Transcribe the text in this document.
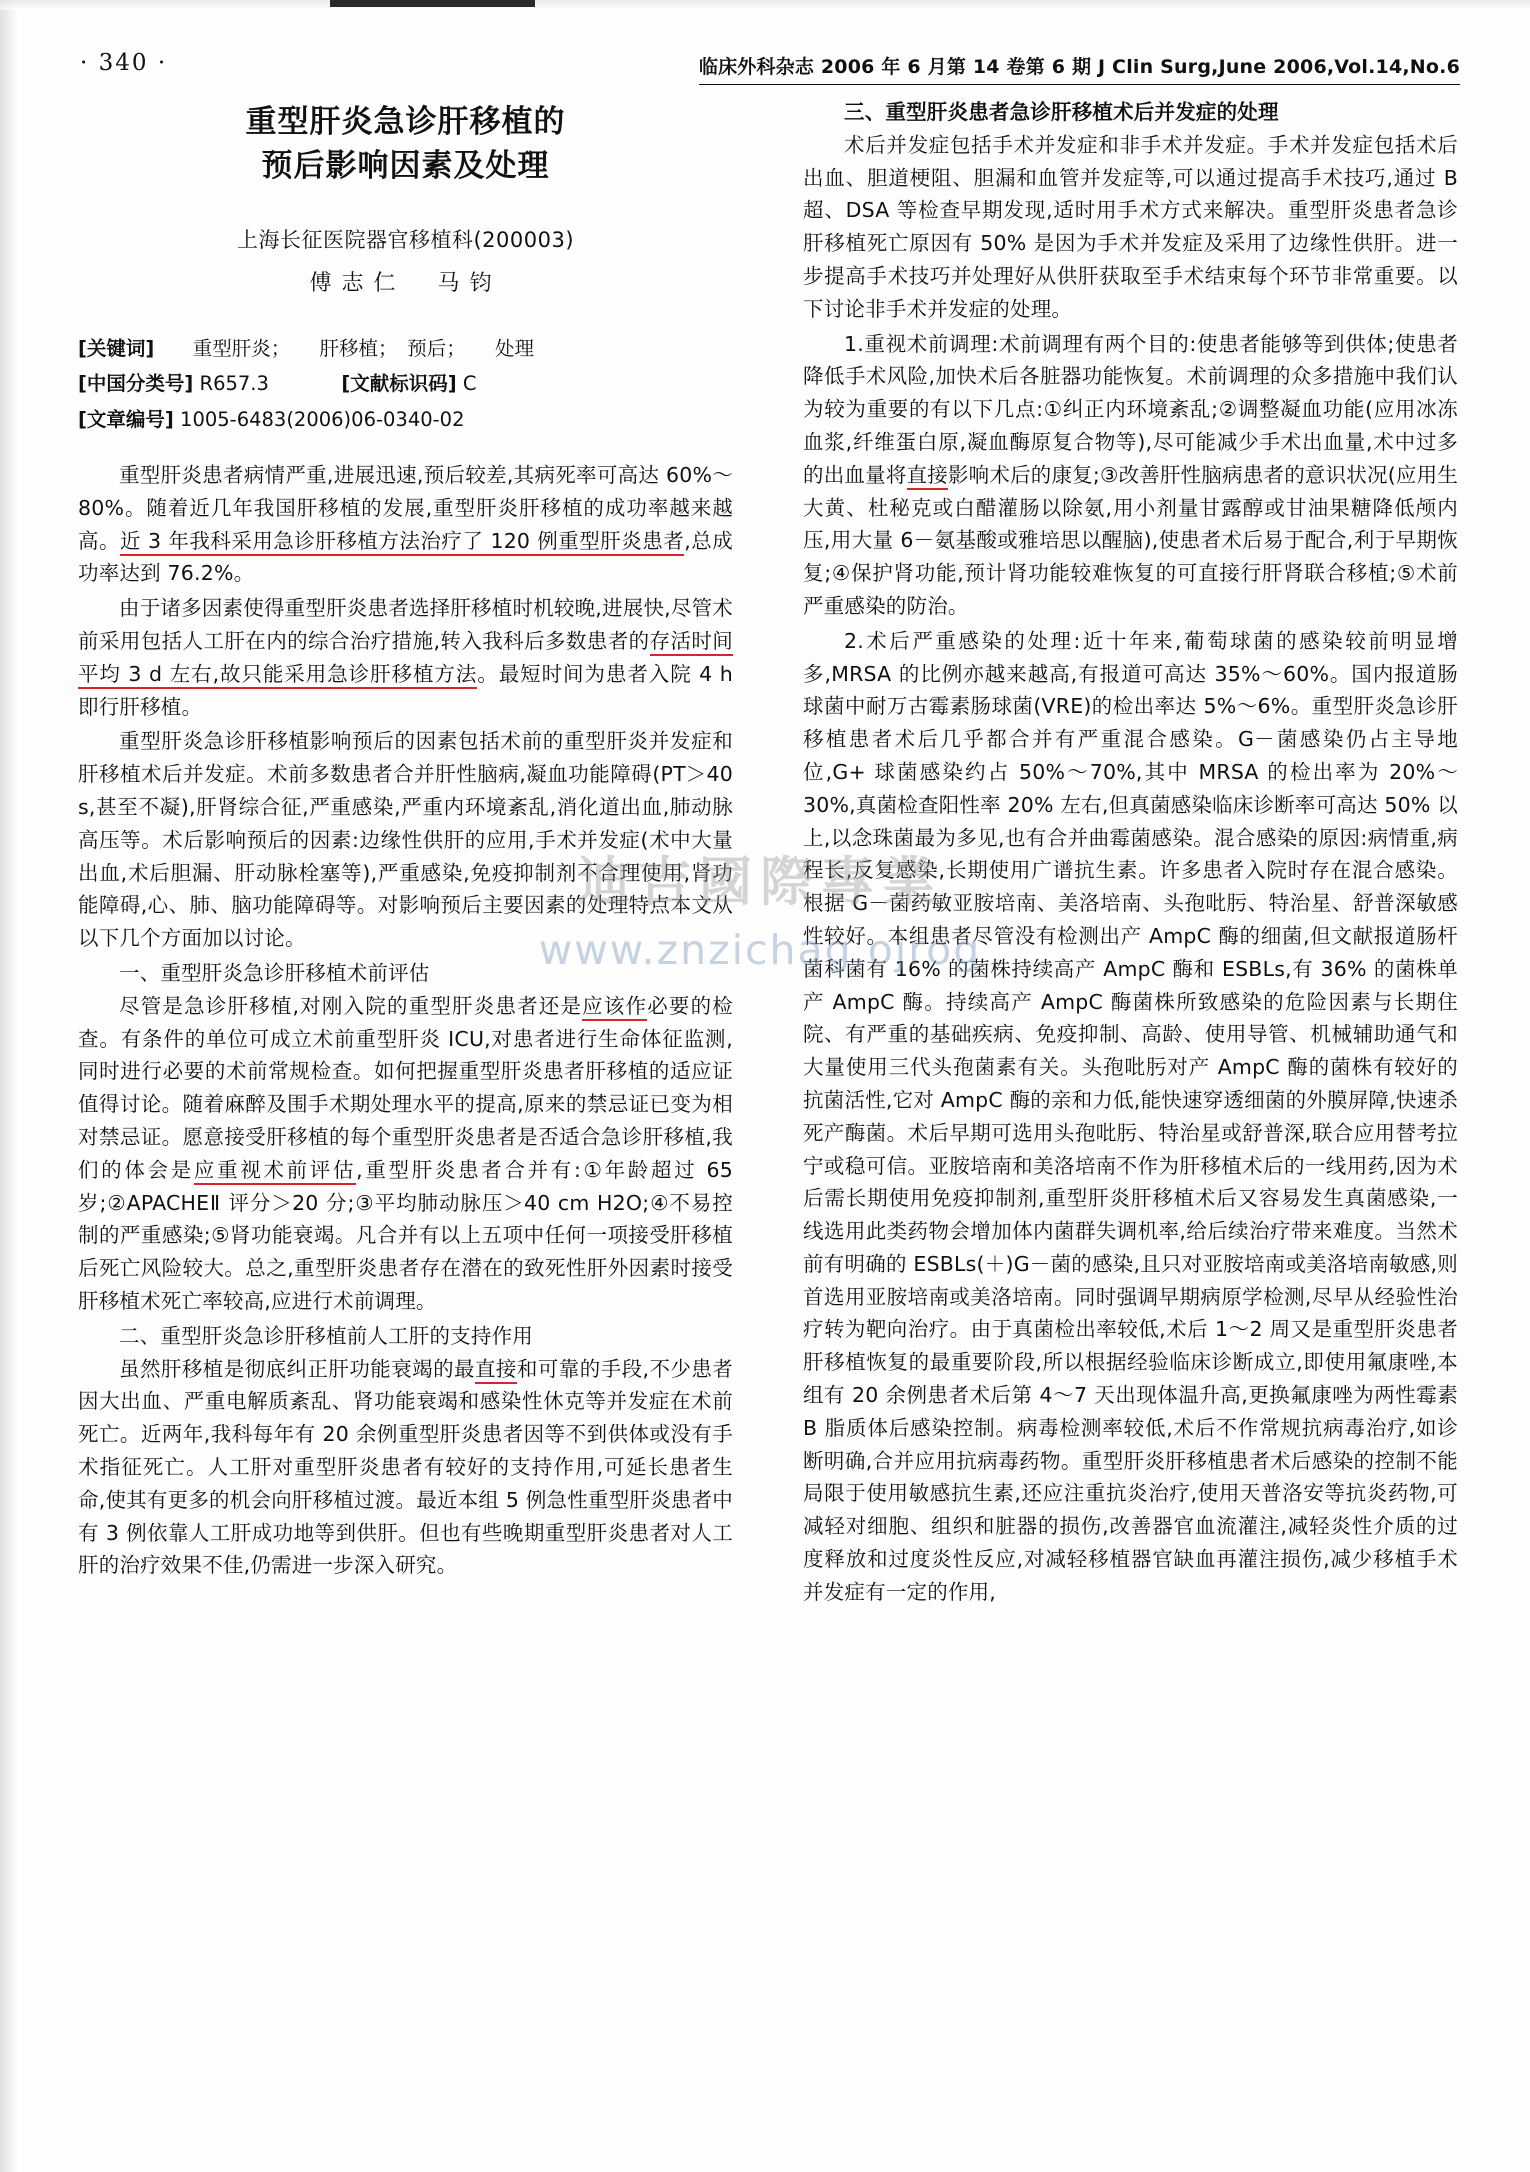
· 340 ·	临床外科杂志 2006 年 6 月第 14 卷第 6 期 J Clin Surg,June 2006,Vol.14,No.6
重型肝炎急诊肝移植的
预后影响因素及处理
上海长征医院器官移植科(200003)
傅志仁　马钧
[关键词] 重型肝炎；　　肝移植；　预后；　　处理
[中国分类号] R657.3	[文献标识码] C
[文章编号] 1005-6483(2006)06-0340-02

重型肝炎患者病情严重,进展迅速,预后较差,其病死率可高达 60%～80%。随着近几年我国肝移植的发展,重型肝炎肝移植的成功率越来越高。近 3 年我科采用急诊肝移植方法治疗了 120 例重型肝炎患者,总成功率达到 76.2%。

由于诸多因素使得重型肝炎患者选择肝移植时机较晚,进展快,尽管术前采用包括人工肝在内的综合治疗措施,转入我科后多数患者的存活时间平均 3 d 左右,故只能采用急诊肝移植方法。最短时间为患者入院 4 h 即行肝移植。

重型肝炎急诊肝移植影响预后的因素包括术前的重型肝炎并发症和肝移植术后并发症。术前多数患者合并肝性脑病,凝血功能障碍(PT＞40 s,甚至不凝),肝肾综合征,严重感染,严重内环境紊乱,消化道出血,肺动脉高压等。术后影响预后的因素:边缘性供肝的应用,手术并发症(术中大量出血,术后胆漏、肝动脉栓塞等),严重感染,免疫抑制剂不合理使用,肾功能障碍,心、肺、脑功能障碍等。对影响预后主要因素的处理特点本文从以下几个方面加以讨论。

一、重型肝炎急诊肝移植术前评估

尽管是急诊肝移植,对刚入院的重型肝炎患者还是应该作必要的检查。有条件的单位可成立术前重型肝炎 ICU,对患者进行生命体征监测,同时进行必要的术前常规检查。如何把握重型肝炎患者肝移植的适应证值得讨论。随着麻醉及围手术期处理水平的提高,原来的禁忌证已变为相对禁忌证。愿意接受肝移植的每个重型肝炎患者是否适合急诊肝移植,我们的体会是应重视术前评估,重型肝炎患者合并有:①年龄超过 65 岁;②APACHEⅡ 评分＞20 分;③平均肺动脉压＞40 cm H2O;④不易控制的严重感染;⑤肾功能衰竭。凡合并有以上五项中任何一项接受肝移植后死亡风险较大。总之,重型肝炎患者存在潜在的致死性肝外因素时接受肝移植术死亡率较高,应进行术前调理。

二、重型肝炎急诊肝移植前人工肝的支持作用

虽然肝移植是彻底纠正肝功能衰竭的最直接和可靠的手段,不少患者因大出血、严重电解质紊乱、肾功能衰竭和感染性休克等并发症在术前死亡。近两年,我科每年有 20 余例重型肝炎患者因等不到供体或没有手术指征死亡。人工肝对重型肝炎患者有较好的支持作用,可延长患者生命,使其有更多的机会向肝移植过渡。最近本组 5 例急性重型肝炎患者中有 3 例依靠人工肝成功地等到供肝。但也有些晚期重型肝炎患者对人工肝的治疗效果不佳,仍需进一步深入研究。

三、重型肝炎患者急诊肝移植术后并发症的处理

术后并发症包括手术并发症和非手术并发症。手术并发症包括术后出血、胆道梗阻、胆漏和血管并发症等,可以通过提高手术技巧,通过 B 超、DSA 等检查早期发现,适时用手术方式来解决。重型肝炎患者急诊肝移植死亡原因有 50% 是因为手术并发症及采用了边缘性供肝。进一步提高手术技巧并处理好从供肝获取至手术结束每个环节非常重要。以下讨论非手术并发症的处理。

1.重视术前调理:术前调理有两个目的:使患者能够等到供体;使患者降低手术风险,加快术后各脏器功能恢复。术前调理的众多措施中我们认为较为重要的有以下几点:①纠正内环境紊乱;②调整凝血功能(应用冰冻血浆,纤维蛋白原,凝血酶原复合物等),尽可能减少手术出血量,术中过多的出血量将直接影响术后的康复;③改善肝性脑病患者的意识状况(应用生大黄、杜秘克或白醋灌肠以除氨,用小剂量甘露醇或甘油果糖降低颅内压,用大量 6－氨基酸或雅培思以醒脑),使患者术后易于配合,利于早期恢复;④保护肾功能,预计肾功能较难恢复的可直接行肝肾联合移植;⑤术前严重感染的防治。

2.术后严重感染的处理:近十年来,葡萄球菌的感染较前明显增多,MRSA 的比例亦越来越高,有报道可高达 35%～60%。国内报道肠球菌中耐万古霉素肠球菌(VRE)的检出率达 5%～6%。重型肝炎急诊肝移植患者术后几乎都合并有严重混合感染。G－菌感染仍占主导地位,G+ 球菌感染约占 50%～70%,其中 MRSA 的检出率为 20%～30%,真菌检查阳性率 20% 左右,但真菌感染临床诊断率可高达 50% 以上,以念珠菌最为多见,也有合并曲霉菌感染。混合感染的原因:病情重,病程长,反复感染,长期使用广谱抗生素。许多患者入院时存在混合感染。根据 G－菌药敏亚胺培南、美洛培南、头孢吡肟、特治星、舒普深敏感性较好。本组患者尽管没有检测出产 AmpC 酶的细菌,但文献报道肠杆菌科菌有 16% 的菌株持续高产 AmpC 酶和 ESBLs,有 36% 的菌株单产 AmpC 酶。持续高产 AmpC 酶菌株所致感染的危险因素与长期住院、有严重的基础疾病、免疫抑制、高龄、使用导管、机械辅助通气和大量使用三代头孢菌素有关。头孢吡肟对产 AmpC 酶的菌株有较好的抗菌活性,它对 AmpC 酶的亲和力低,能快速穿透细菌的外膜屏障,快速杀死产酶菌。术后早期可选用头孢吡肟、特治星或舒普深,联合应用替考拉宁或稳可信。亚胺培南和美洛培南不作为肝移植术后的一线用药,因为术后需长期使用免疫抑制剂,重型肝炎肝移植术后又容易发生真菌感染,一线选用此类药物会增加体内菌群失调机率,给后续治疗带来难度。当然术前有明确的 ESBLs(＋)G－菌的感染,且只对亚胺培南或美洛培南敏感,则首选用亚胺培南或美洛培南。同时强调早期病原学检测,尽早从经验性治疗转为靶向治疗。由于真菌检出率较低,术后 1～2 周又是重型肝炎患者肝移植恢复的最重要阶段,所以根据经验临床诊断成立,即使用氟康唑,本组有 20 余例患者术后第 4～7 天出现体温升高,更换氟康唑为两性霉素 B 脂质体后感染控制。病毒检测率较低,术后不作常规抗病毒治疗,如诊断明确,合并应用抗病毒药物。重型肝炎肝移植患者术后感染的控制不能局限于使用敏感抗生素,还应注重抗炎治疗,使用天普洛安等抗炎药物,可减轻对细胞、组织和脏器的损伤,改善器官血流灌注,减轻炎性介质的过度释放和过度炎性反应,对减轻移植器官缺血再灌注损伤,减少移植手术并发症有一定的作用,

迪吉國際專業
www.znzichag.ojrog
